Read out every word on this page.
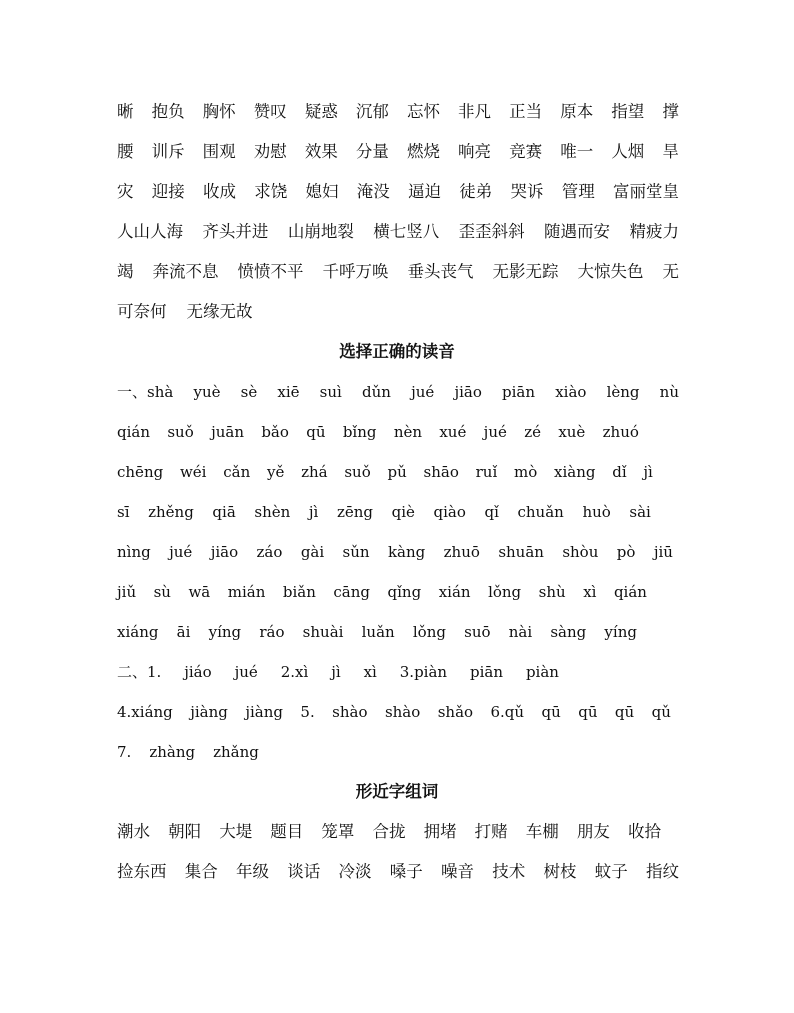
晰 抱负 胸怀 赞叹 疑惑 沉郁 忘怀 非凡 正当 原本 指望 撑
腰 训斥 围观 劝慰 效果 分量 燃烧 响亮 竞赛 唯一 人烟 旱
灾 迎接 收成 求饶 媳妇 淹没 逼迫 徒弟 哭诉 管理 富丽堂皇
人山人海 齐头并进 山崩地裂 横七竖八 歪歪斜斜 随遇而安 精疲力
竭 奔流不息 愤愤不平 千呼万唤 垂头丧气 无影无踪 大惊失色 无
可奈何 无缘无故
选择正确的读音
一、shà yuè sè xiē suì dǔn jué jiāo piān xiào lèng nù
qián suǒ juān bǎo qū bǐng nèn xué jué zé xuè zhuó
chēng wéi cǎn yě zhá suǒ pǔ shāo ruǐ mò xiàng dǐ jì
sī zhěng qiā shèn jì zēng qiè qiào qǐ chuǎn huò sài
nìng jué jiāo záo gài sǔn kàng zhuō shuān shòu pò jiū
jiǔ sù wā mián biǎn cāng qǐng xián lǒng shù xì qián
xiáng āi yíng ráo shuài luǎn lǒng suō nài sàng yíng
二、1. jiáo jué 2.xì jì xì 3.piàn piān piàn
4.xiáng jiàng jiàng 5. shào shào shǎo 6.qǔ qū qū qū qǔ
7. zhàng zhǎng
形近字组词
潮水 朝阳 大堤 题目 笼罩 合拢 拥堵 打赌 车棚 朋友 收拾
捡东西 集合 年级 谈话 冷淡 嗓子 噪音 技术 树枝 蚊子 指纹
